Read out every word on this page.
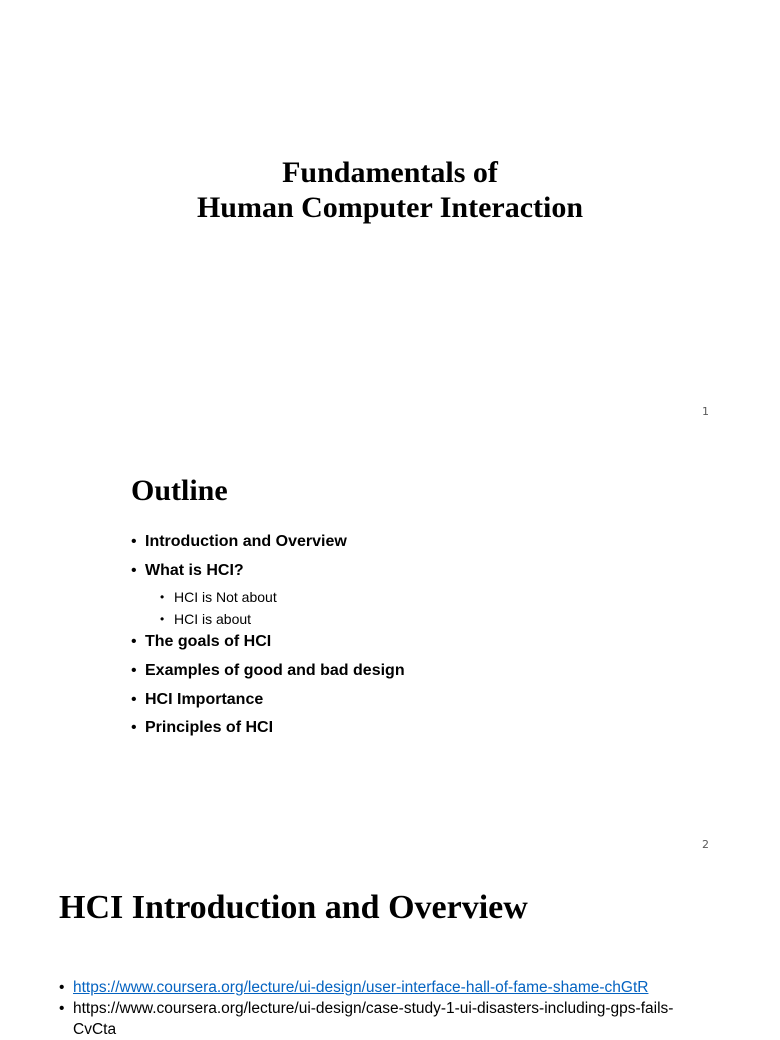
Fundamentals of
Human Computer Interaction
1
Outline
• Introduction and Overview
• What is HCI?
• HCI is Not about
• HCI is about
• The goals of HCI
• Examples of good and bad design
• HCI Importance
• Principles of HCI
2
HCI Introduction and Overview
• https://www.coursera.org/lecture/ui-design/user-interface-hall-of-fame-shame-chGtR
• https://www.coursera.org/lecture/ui-design/case-study-1-ui-disasters-including-gps-fails-CvCta
